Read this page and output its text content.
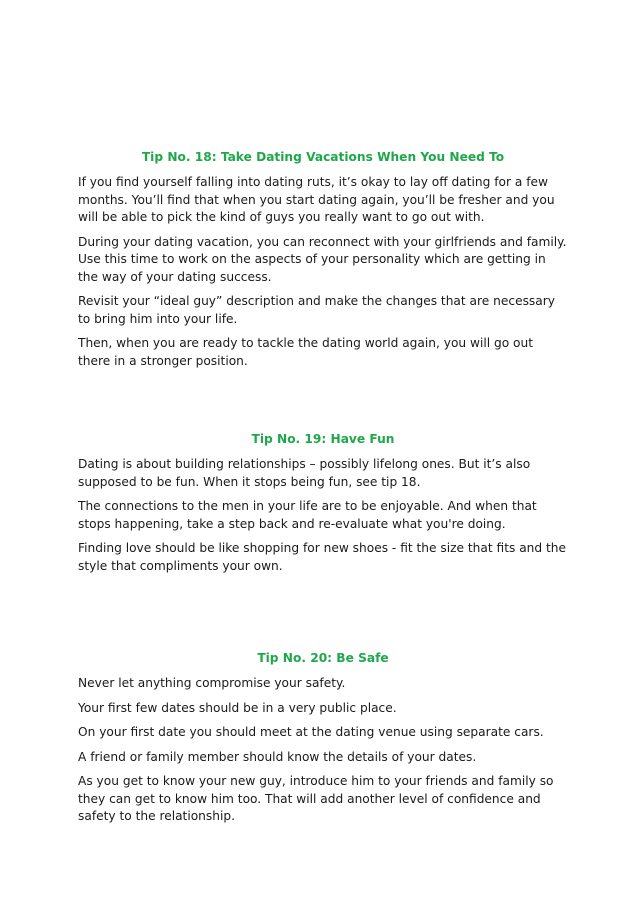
Tip No. 18: Take Dating Vacations When You Need To

If you find yourself falling into dating ruts, it’s okay to lay off dating for a few months. You’ll find that when you start dating again, you’ll be fresher and you will be able to pick the kind of guys you really want to go out with.

During your dating vacation, you can reconnect with your girlfriends and family. Use this time to work on the aspects of your personality which are getting in the way of your dating success.

Revisit your “ideal guy” description and make the changes that are necessary to bring him into your life.

Then, when you are ready to tackle the dating world again, you will go out there in a stronger position.

Tip No. 19: Have Fun

Dating is about building relationships – possibly lifelong ones. But it’s also supposed to be fun. When it stops being fun, see tip 18.

The connections to the men in your life are to be enjoyable. And when that stops happening, take a step back and re-evaluate what you're doing.

Finding love should be like shopping for new shoes - fit the size that fits and the style that compliments your own.

Tip No. 20: Be Safe

Never let anything compromise your safety.

Your first few dates should be in a very public place.

On your first date you should meet at the dating venue using separate cars.

A friend or family member should know the details of your dates.

As you get to know your new guy, introduce him to your friends and family so they can get to know him too. That will add another level of confidence and safety to the relationship.
